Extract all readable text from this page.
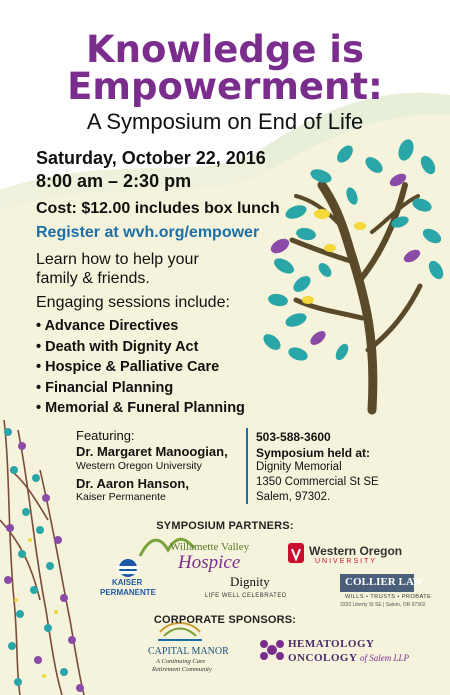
Knowledge is
Empowerment:
A Symposium on End of Life
Saturday, October 22, 2016
8:00 am – 2:30 pm
Cost: $12.00 includes box lunch
Register at wvh.org/empower
Learn how to help your
family & friends.
Engaging sessions include:
• Advance Directives
• Death with Dignity Act
• Hospice & Palliative Care
• Financial Planning
• Memorial & Funeral Planning
Featuring:
Dr. Margaret Manoogian,
Western Oregon University
Dr. Aaron Hanson,
Kaiser Permanente
503-588-3600
Symposium held at:
Dignity Memorial
1350 Commercial St SE
Salem, 97302.
SYMPOSIUM PARTNERS:
Willamette Valley
Hospice
Western Oregon
UNIVERSITY
KAISER
PERMANENTE
Dignity
LIFE WELL CELEBRATED
COLLIER LAW
WILLS • TRUSTS • PROBATE
3320 Liberty St SE | Salem, OR 97302
CORPORATE SPONSORS:
CAPITAL MANOR
A Continuing Care
Retirement Community
HEMATOLOGY
ONCOLOGY of Salem LLP
